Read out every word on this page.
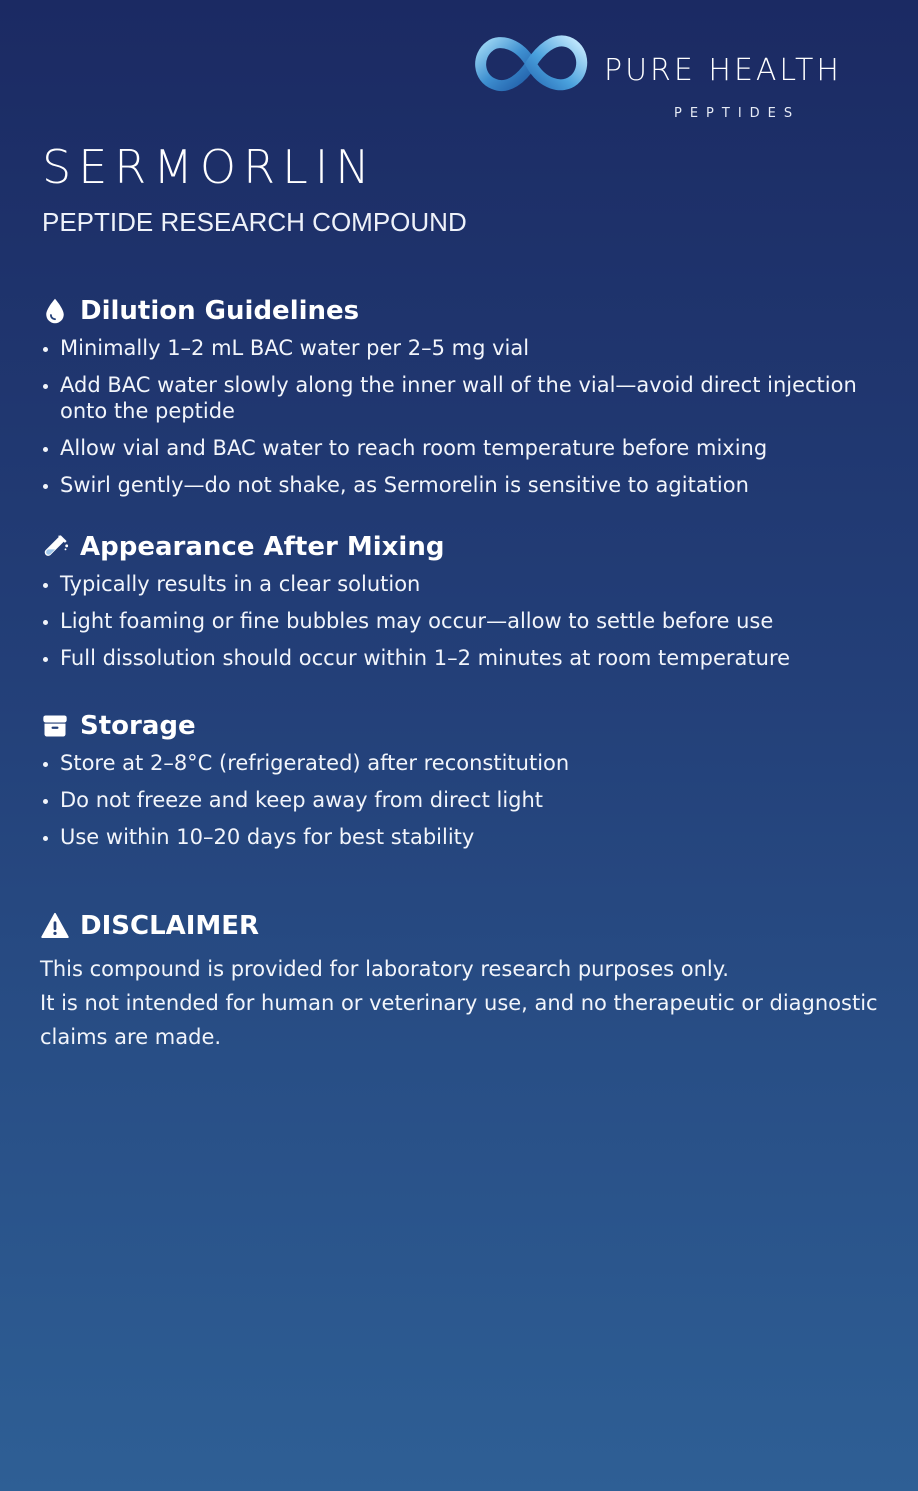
PURE HEALTH
PEPTIDES
SERMORLIN
PEPTIDE RESEARCH COMPOUND
Dilution Guidelines
Minimally 1–2 mL BAC water per 2–5 mg vial
Add BAC water slowly along the inner wall of the vial—avoid direct injection onto the peptide
Allow vial and BAC water to reach room temperature before mixing
Swirl gently—do not shake, as Sermorelin is sensitive to agitation
Appearance After Mixing
Typically results in a clear solution
Light foaming or fine bubbles may occur—allow to settle before use
Full dissolution should occur within 1–2 minutes at room temperature
Storage
Store at 2–8°C (refrigerated) after reconstitution
Do not freeze and keep away from direct light
Use within 10–20 days for best stability
DISCLAIMER
This compound is provided for laboratory research purposes only.
It is not intended for human or veterinary use, and no therapeutic or diagnostic claims are made.
